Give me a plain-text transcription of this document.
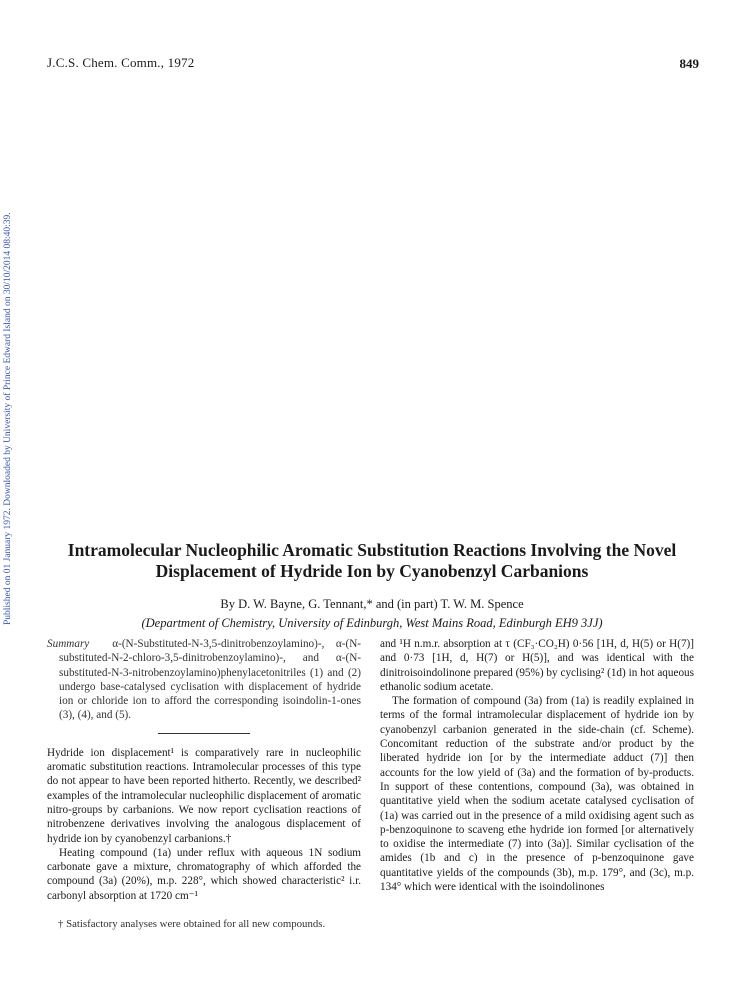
J.C.S. Chem. Comm., 1972	849
Published on 01 January 1972. Downloaded by University of Prince Edward Island on 30/10/2014 08:40:39.	Intramolecular Nucleophilic Aromatic Substitution Reactions Involving the Novel
Displacement of Hydride Ion by Cyanobenzyl Carbanions
By D. W. Bayne, G. Tennant,* and (in part) T. W. M. Spence
(Department of Chemistry, University of Edinburgh, West Mains Road, Edinburgh EH9 3JJ)

Summary α-(N-Substituted-N-3,5-dinitrobenzoylamino)-, α-(N-substituted-N-2-chloro-3,5-dinitrobenzoylamino)-, and α-(N-substituted-N-3-nitrobenzoylamino)phenylacetonitriles (1) and (2) undergo base-catalysed cyclisation with displacement of hydride ion or chloride ion to afford the corresponding isoindolin-1-ones (3), (4), and (5).

Hydride ion displacement¹ is comparatively rare in nucleophilic aromatic substitution reactions. Intramolecular processes of this type do not appear to have been reported hitherto. Recently, we described² examples of the intramolecular nucleophilic displacement of aromatic nitro-groups by carbanions. We now report cyclisation reactions of nitrobenzene derivatives involving the analogous displacement of hydride ion by cyanobenzyl carbanions.†

Heating compound (1a) under reflux with aqueous 1N sodium carbonate gave a mixture, chromatography of which afforded the compound (3a) (20%), m.p. 228°, which showed characteristic² i.r. carbonyl absorption at 1720 cm⁻¹

and ¹H n.m.r. absorption at τ (CF₃·CO₂H) 0·56 [1H, d, H(5) or H(7)] and 0·73 [1H, d, H(7) or H(5)], and was identical with the dinitroisoindolinone prepared (95%) by cyclising² (1d) in hot aqueous ethanolic sodium acetate.

The formation of compound (3a) from (1a) is readily explained in terms of the formal intramolecular displacement of hydride ion by cyanobenzyl carbanion generated in the side-chain (cf. Scheme). Concomitant reduction of the substrate and/or product by the liberated hydride ion [or by the intermediate adduct (7)] then accounts for the low yield of (3a) and the formation of by-products. In support of these contentions, compound (3a), was obtained in quantitative yield when the sodium acetate catalysed cyclisation of (1a) was carried out in the presence of a mild oxidising agent such as p-benzoquinone to scaveng ethe hydride ion formed [or alternatively to oxidise the intermediate (7) into (3a)]. Similar cyclisation of the amides (1b and c) in the presence of p-benzoquinone gave quantitative yields of the compounds (3b), m.p. 179°, and (3c), m.p. 134° which were identical with the isoindolinones

† Satisfactory analyses were obtained for all new compounds.
